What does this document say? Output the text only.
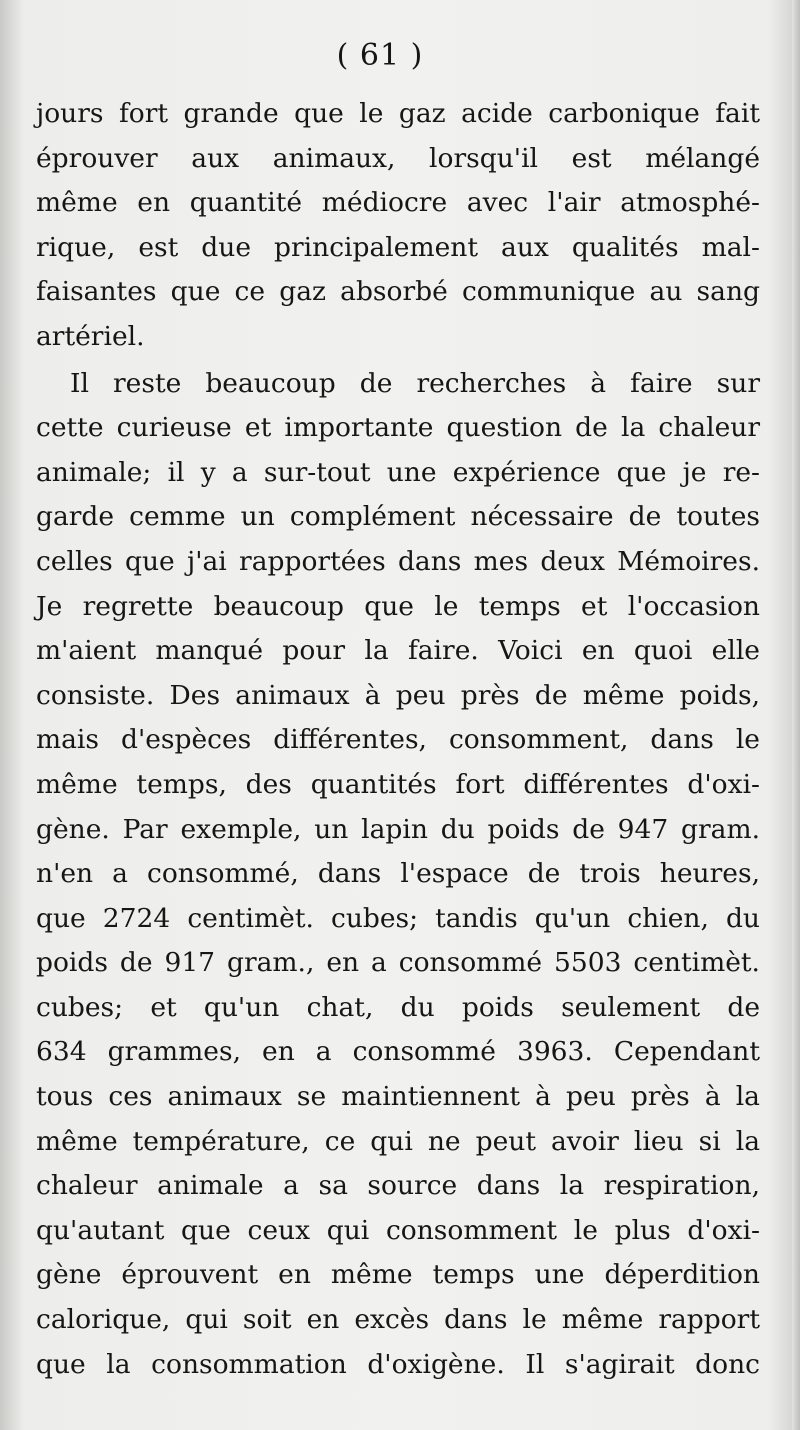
( 61 )
jours fort grande que le gaz acide carbonique fait
éprouver aux animaux, lorsqu'il est mélangé
même en quantité médiocre avec l'air atmosphé-
rique, est due principalement aux qualités mal-
faisantes que ce gaz absorbé communique au sang
artériel.
Il reste beaucoup de recherches à faire sur
cette curieuse et importante question de la chaleur
animale; il y a sur-tout une expérience que je re-
garde cemme un complément nécessaire de toutes
celles que j'ai rapportées dans mes deux Mémoires.
Je regrette beaucoup que le temps et l'occasion
m'aient manqué pour la faire. Voici en quoi elle
consiste. Des animaux à peu près de même poids,
mais d'espèces différentes, consomment, dans le
même temps, des quantités fort différentes d'oxi-
gène. Par exemple, un lapin du poids de 947 gram.
n'en a consommé, dans l'espace de trois heures,
que 2724 centimèt. cubes; tandis qu'un chien, du
poids de 917 gram., en a consommé 5503 centimèt.
cubes; et qu'un chat, du poids seulement de
634 grammes, en a consommé 3963. Cependant
tous ces animaux se maintiennent à peu près à la
même température, ce qui ne peut avoir lieu si la
chaleur animale a sa source dans la respiration,
qu'autant que ceux qui consomment le plus d'oxi-
gène éprouvent en même temps une déperdition
calorique, qui soit en excès dans le même rapport
que la consommation d'oxigène. Il s'agirait donc
